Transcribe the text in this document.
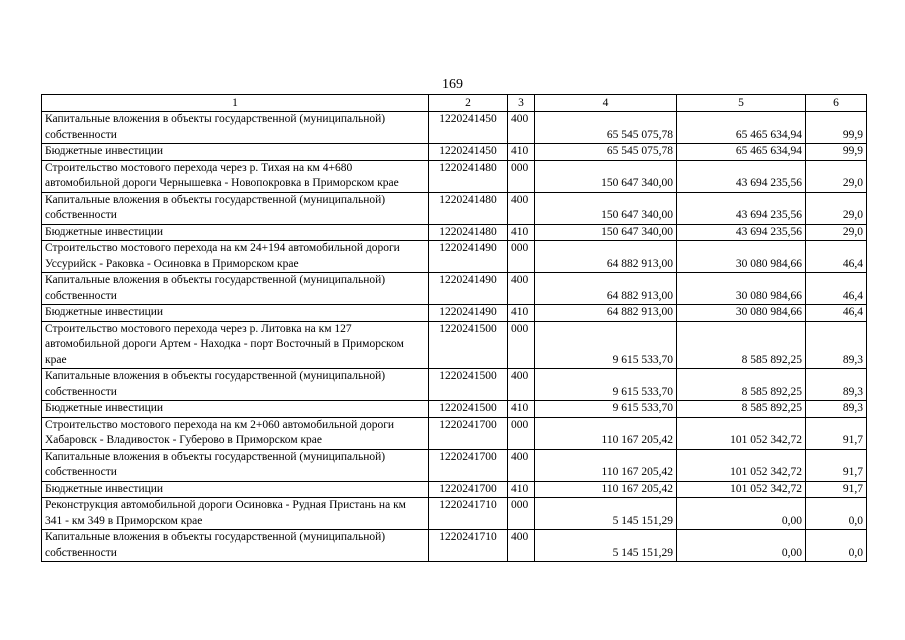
169
1	2	3	4	5	6
Капитальные вложения в объекты государственной (муниципальной) собственности	1220241450	400	65 545 075,78	65 465 634,94	99,9
Бюджетные инвестиции	1220241450	410	65 545 075,78	65 465 634,94	99,9
Строительство мостового перехода через р. Тихая на км 4+680 автомобильной дороги Чернышевка - Новопокровка в Приморском крае	1220241480	000	150 647 340,00	43 694 235,56	29,0
Капитальные вложения в объекты государственной (муниципальной) собственности	1220241480	400	150 647 340,00	43 694 235,56	29,0
Бюджетные инвестиции	1220241480	410	150 647 340,00	43 694 235,56	29,0
Строительство мостового перехода на км 24+194 автомобильной дороги Уссурийск - Раковка - Осиновка в Приморском крае	1220241490	000	64 882 913,00	30 080 984,66	46,4
Капитальные вложения в объекты государственной (муниципальной) собственности	1220241490	400	64 882 913,00	30 080 984,66	46,4
Бюджетные инвестиции	1220241490	410	64 882 913,00	30 080 984,66	46,4
Строительство мостового перехода через р. Литовка на км 127 автомобильной дороги Артем - Находка - порт Восточный в Приморском крае	1220241500	000	9 615 533,70	8 585 892,25	89,3
Капитальные вложения в объекты государственной (муниципальной) собственности	1220241500	400	9 615 533,70	8 585 892,25	89,3
Бюджетные инвестиции	1220241500	410	9 615 533,70	8 585 892,25	89,3
Строительство мостового перехода на км 2+060 автомобильной дороги Хабаровск - Владивосток - Губерово в Приморском крае	1220241700	000	110 167 205,42	101 052 342,72	91,7
Капитальные вложения в объекты государственной (муниципальной) собственности	1220241700	400	110 167 205,42	101 052 342,72	91,7
Бюджетные инвестиции	1220241700	410	110 167 205,42	101 052 342,72	91,7
Реконструкция автомобильной дороги Осиновка - Рудная Пристань на км 341 - км 349 в Приморском крае	1220241710	000	5 145 151,29	0,00	0,0
Капитальные вложения в объекты государственной (муниципальной) собственности	1220241710	400	5 145 151,29	0,00	0,0
